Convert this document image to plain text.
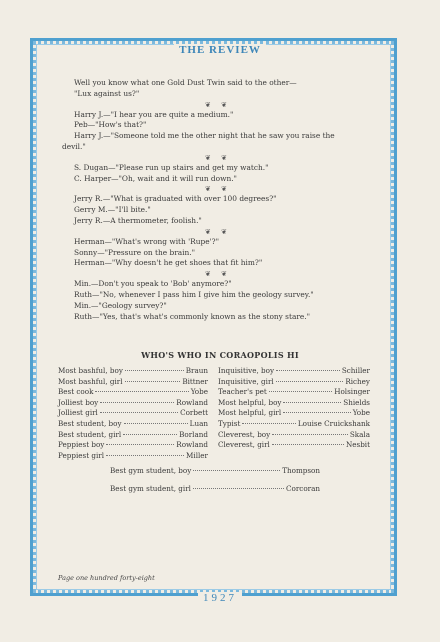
THE REVIEW

Well you know what one Gold Dust Twin said to the other—

"Lux against us?"

❦ ❦

Harry J.—"I hear you are quite a medium."

Peb—"How's that?"

Harry J.—"Someone told me the other night that he saw you raise the

devil."

❦ ❦

S. Dugan—"Please run up stairs and get my watch."

C. Harper—"Oh, wait and it will run down."

❦ ❦

Jerry R.—"What is graduated with over 100 degrees?"

Gerry M.—"I'll bite."

Jerry R.—A thermometer, foolish."

❦ ❦

Herman—"What's wrong with 'Rupe'?"

Sonny—"Pressure on the brain."

Herman—"Why doesn't he get shoes that fit him?"

❦ ❦

Min.—Don't you speak to 'Bob' anymore?"

Ruth—"No, whenever I pass him I give him the geology survey."

Min.—"Geology survey?"

Ruth—"Yes, that's what's commonly known as the stony stare."

WHO'S WHO IN CORAOPOLIS HI
Most bashful, boy	Braun
Most bashful, girl	Bittner
Best cook	Yobe
Jolliest boy	Rowland
Jolliest girl	Corbett
Best student, boy	Luan
Best student, girl	Borland
Peppiest boy	Rowland
Peppiest girl	Miller
Inquisitive, boy	Schiller
Inquisitive, girl	Richey
Teacher's pet	Holsinger
Most helpful, boy	Shields
Most helpful, girl	Yobe
Typist	Louise Cruickshank
Cleverest, boy	Skala
Cleverest, girl	Nesbit
Best gym student, boy	Thompson
Best gym student, girl	Corcoran
Page one hundred forty-eight
1927
